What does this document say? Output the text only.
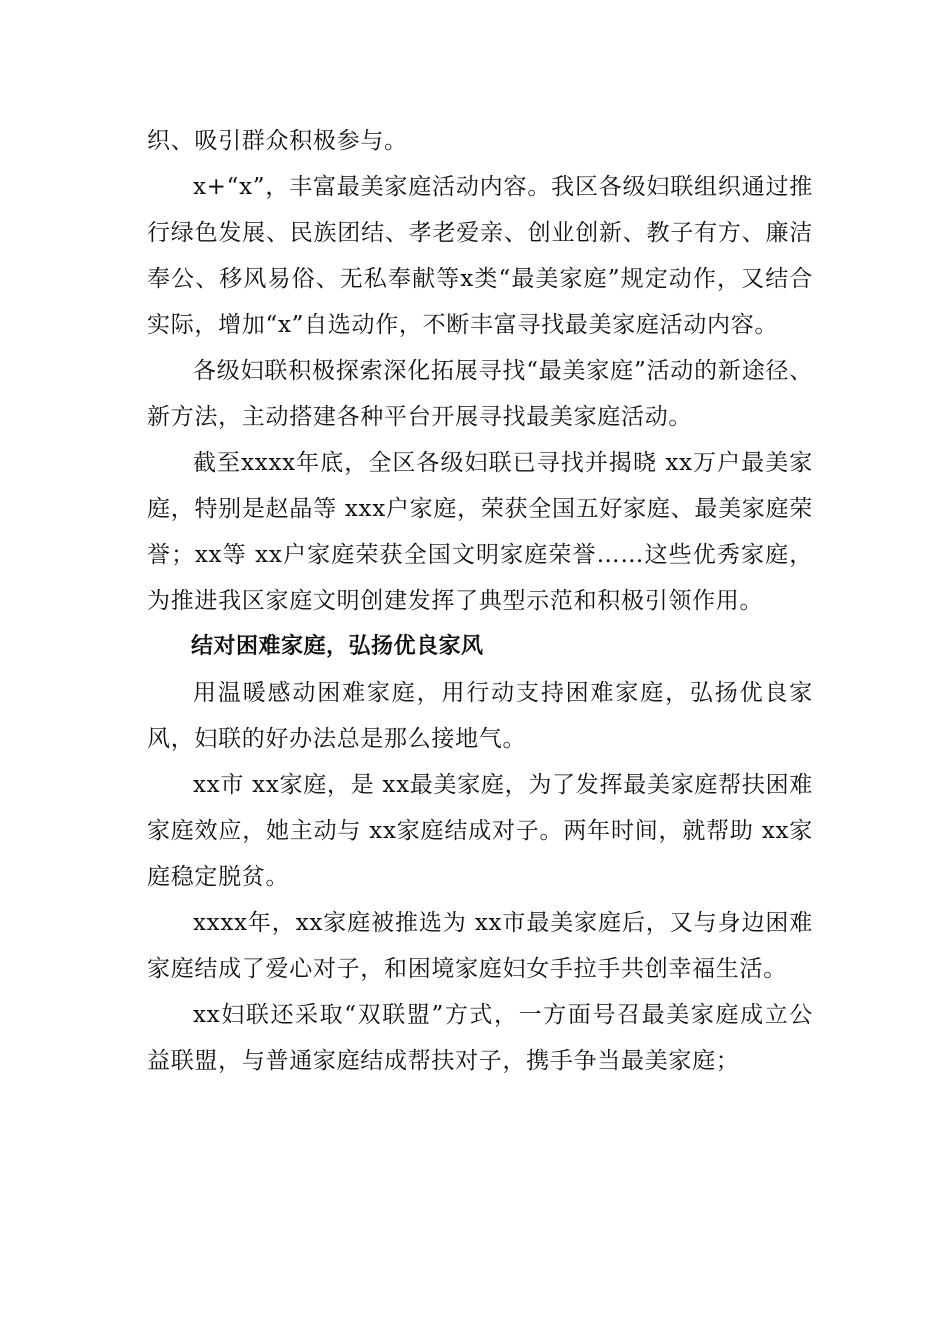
织、吸引群众积极参与。

x+“x”，丰富最美家庭活动内容。我区各级妇联组织通过推行绿色发展、民族团结、孝老爱亲、创业创新、教子有方、廉洁奉公、移风易俗、无私奉献等x类“最美家庭”规定动作，又结合实际，增加“x”自选动作，不断丰富寻找最美家庭活动内容。

各级妇联积极探索深化拓展寻找“最美家庭”活动的新途径、新方法，主动搭建各种平台开展寻找最美家庭活动。

截至xxxx年底，全区各级妇联已寻找并揭晓 xx万户最美家庭，特别是赵晶等 xxx户家庭，荣获全国五好家庭、最美家庭荣誉；xx等 xx户家庭荣获全国文明家庭荣誉……这些优秀家庭，为推进我区家庭文明创建发挥了典型示范和积极引领作用。

结对困难家庭，弘扬优良家风

用温暖感动困难家庭，用行动支持困难家庭，弘扬优良家风，妇联的好办法总是那么接地气。

xx市 xx家庭，是 xx最美家庭，为了发挥最美家庭帮扶困难家庭效应，她主动与 xx家庭结成对子。两年时间，就帮助 xx家庭稳定脱贫。

xxxx年，xx家庭被推选为 xx市最美家庭后，又与身边困难家庭结成了爱心对子，和困境家庭妇女手拉手共创幸福生活。

xx妇联还采取“双联盟”方式，一方面号召最美家庭成立公益联盟，与普通家庭结成帮扶对子，携手争当最美家庭；
